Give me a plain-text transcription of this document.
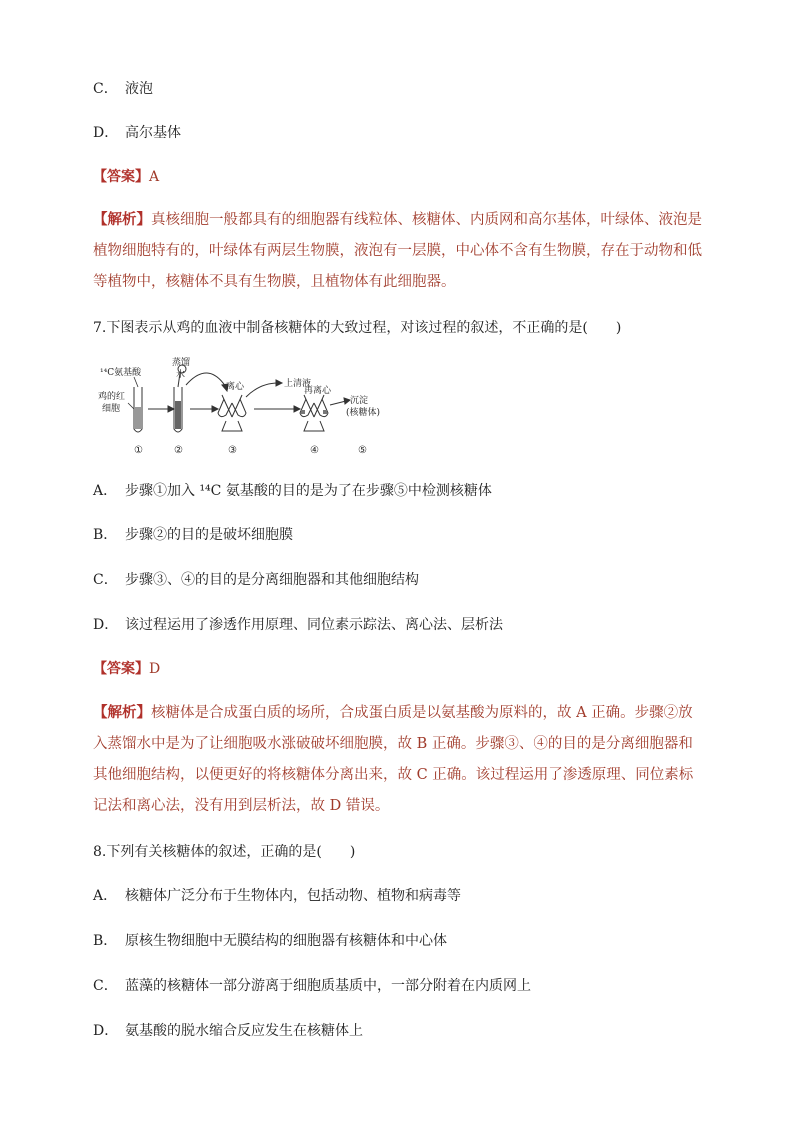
C． 液泡
D． 高尔基体
【答案】A
【解析】真核细胞一般都具有的细胞器有线粒体、核糖体、内质网和高尔基体，叶绿体、液泡是植物细胞特有的，叶绿体有两层生物膜，液泡有一层膜，中心体不含有生物膜，存在于动物和低等植物中，核糖体不具有生物膜，且植物体有此细胞器。
7.下图表示从鸡的血液中制备核糖体的大致过程，对该过程的叙述，不正确的是(　　)
¹⁴C氨基酸
蒸馏
水
鸡的红
细胞
离心	上清液
再离心
沉淀
(核糖体)
①	②	③	④	⑤
A． 步骤①加入 ¹⁴C 氨基酸的目的是为了在步骤⑤中检测核糖体
B． 步骤②的目的是破坏细胞膜
C． 步骤③、④的目的是分离细胞器和其他细胞结构
D． 该过程运用了渗透作用原理、同位素示踪法、离心法、层析法
【答案】D
【解析】核糖体是合成蛋白质的场所，合成蛋白质是以氨基酸为原料的，故 A 正确。步骤②放入蒸馏水中是为了让细胞吸水涨破破坏细胞膜，故 B 正确。步骤③、④的目的是分离细胞器和其他细胞结构，以便更好的将核糖体分离出来，故 C 正确。该过程运用了渗透原理、同位素标记法和离心法，没有用到层析法，故 D 错误。
8.下列有关核糖体的叙述，正确的是(　　)
A． 核糖体广泛分布于生物体内，包括动物、植物和病毒等
B． 原核生物细胞中无膜结构的细胞器有核糖体和中心体
C． 蓝藻的核糖体一部分游离于细胞质基质中，一部分附着在内质网上
D． 氨基酸的脱水缩合反应发生在核糖体上
